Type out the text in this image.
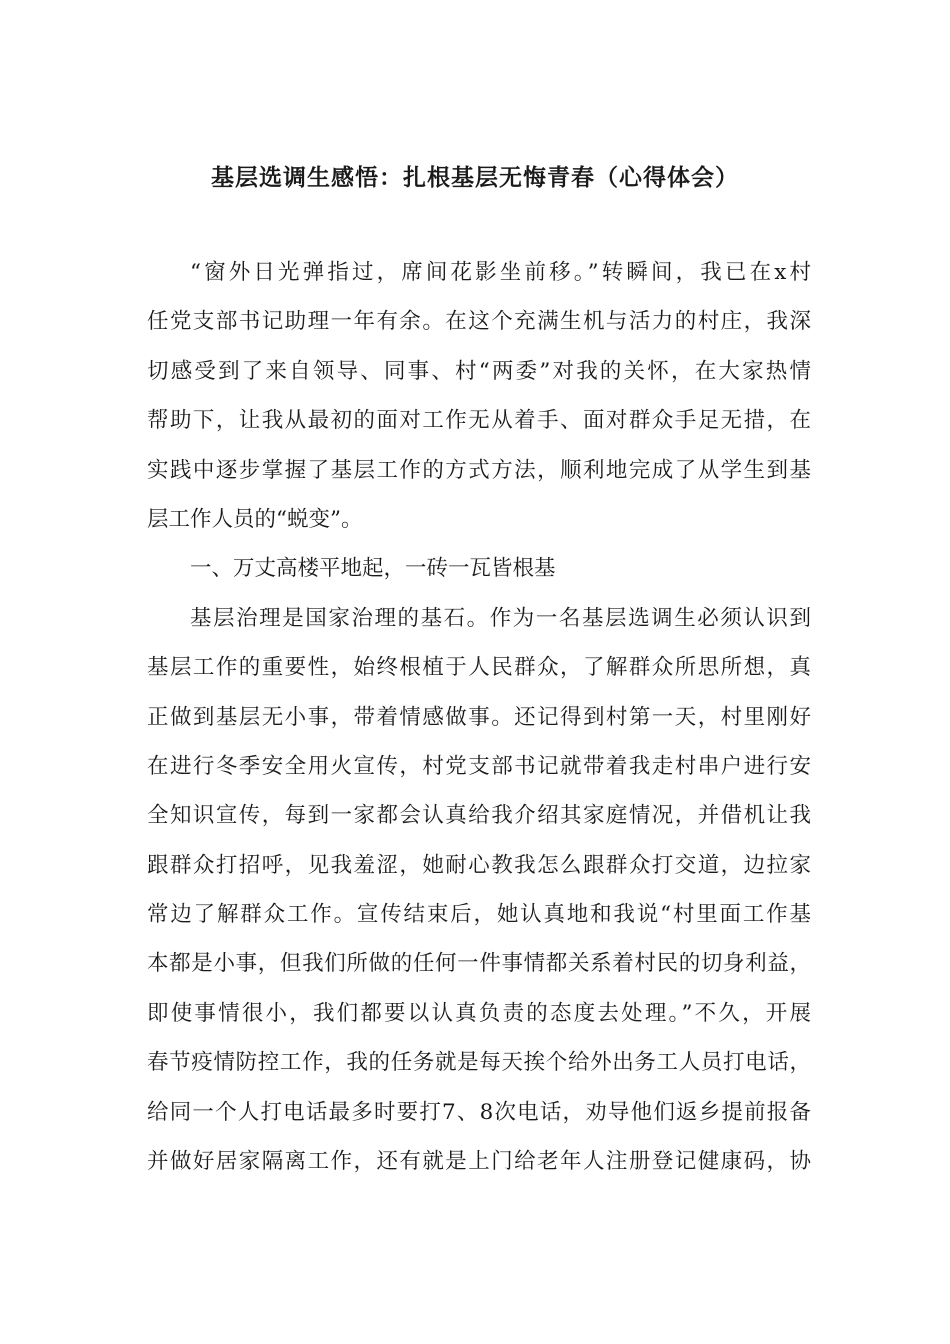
基层选调生感悟：扎根基层无悔青春（心得体会）
“窗外日光弹指过，席间花影坐前移。”转瞬间，我已在x村
任党支部书记助理一年有余。在这个充满生机与活力的村庄，我深
切感受到了来自领导、同事、村“两委”对我的关怀，在大家热情
帮助下，让我从最初的面对工作无从着手、面对群众手足无措，在
实践中逐步掌握了基层工作的方式方法，顺利地完成了从学生到基
层工作人员的“蜕变”。
一、万丈高楼平地起，一砖一瓦皆根基
基层治理是国家治理的基石。作为一名基层选调生必须认识到
基层工作的重要性，始终根植于人民群众，了解群众所思所想，真
正做到基层无小事，带着情感做事。还记得到村第一天，村里刚好
在进行冬季安全用火宣传，村党支部书记就带着我走村串户进行安
全知识宣传，每到一家都会认真给我介绍其家庭情况，并借机让我
跟群众打招呼，见我羞涩，她耐心教我怎么跟群众打交道，边拉家
常边了解群众工作。宣传结束后，她认真地和我说“村里面工作基
本都是小事，但我们所做的任何一件事情都关系着村民的切身利益，
即使事情很小，我们都要以认真负责的态度去处理。”不久，开展
春节疫情防控工作，我的任务就是每天挨个给外出务工人员打电话，
给同一个人打电话最多时要打7、8次电话，劝导他们返乡提前报备
并做好居家隔离工作，还有就是上门给老年人注册登记健康码，协
